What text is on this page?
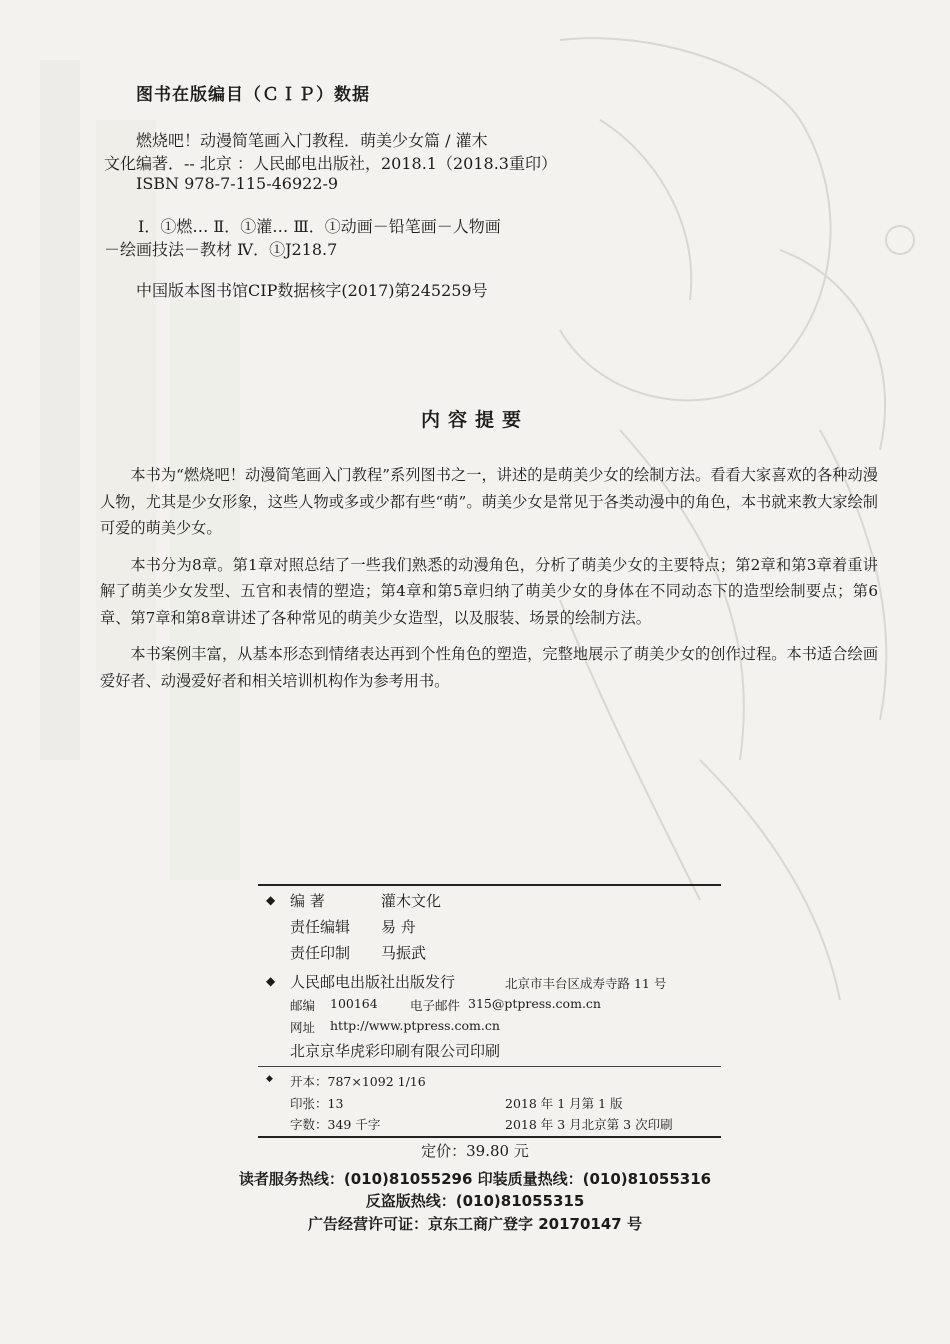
图书在版编目（ＣＩＰ）数据
燃烧吧！动漫简笔画入门教程．萌美少女篇 / 灌木
文化编著．-- 北京 ：人民邮电出版社，2018.1（2018.3重印）
ISBN 978-7-115-46922-9
Ⅰ．①燃… Ⅱ．①灌… Ⅲ．①动画－铅笔画－人物画
－绘画技法－教材 Ⅳ．①J218.7
中国版本图书馆CIP数据核字(2017)第245259号
内容提要

本书为“燃烧吧！动漫简笔画入门教程”系列图书之一，讲述的是萌美少女的绘制方法。看看大家喜欢的各种动漫人物，尤其是少女形象，这些人物或多或少都有些“萌”。萌美少女是常见于各类动漫中的角色，本书就来教大家绘制可爱的萌美少女。

本书分为8章。第1章对照总结了一些我们熟悉的动漫角色，分析了萌美少女的主要特点；第2章和第3章着重讲解了萌美少女发型、五官和表情的塑造；第4章和第5章归纳了萌美少女的身体在不同动态下的造型绘制要点；第6章、第7章和第8章讲述了各种常见的萌美少女造型，以及服装、场景的绘制方法。

本书案例丰富，从基本形态到情绪表达再到个性角色的塑造，完整地展示了萌美少女的创作过程。本书适合绘画爱好者、动漫爱好者和相关培训机构作为参考用书。

◆ 编 著	灌木文化
责任编辑 易 舟
责任印制 马振武
◆ 人民邮电出版社出版发行	北京市丰台区成寿寺路 11 号
邮编 100164	电子邮件 315@ptpress.com.cn
网址 http://www.ptpress.com.cn
北京京华虎彩印刷有限公司印刷
◆ 开本：787×1092 1/16
印张：13	2018 年 1 月第 1 版
字数：349 千字	2018 年 3 月北京第 3 次印刷
定价：39.80 元
读者服务热线：(010)81055296 印装质量热线：(010)81055316
反盗版热线：(010)81055315
广告经营许可证：京东工商广登字 20170147 号
